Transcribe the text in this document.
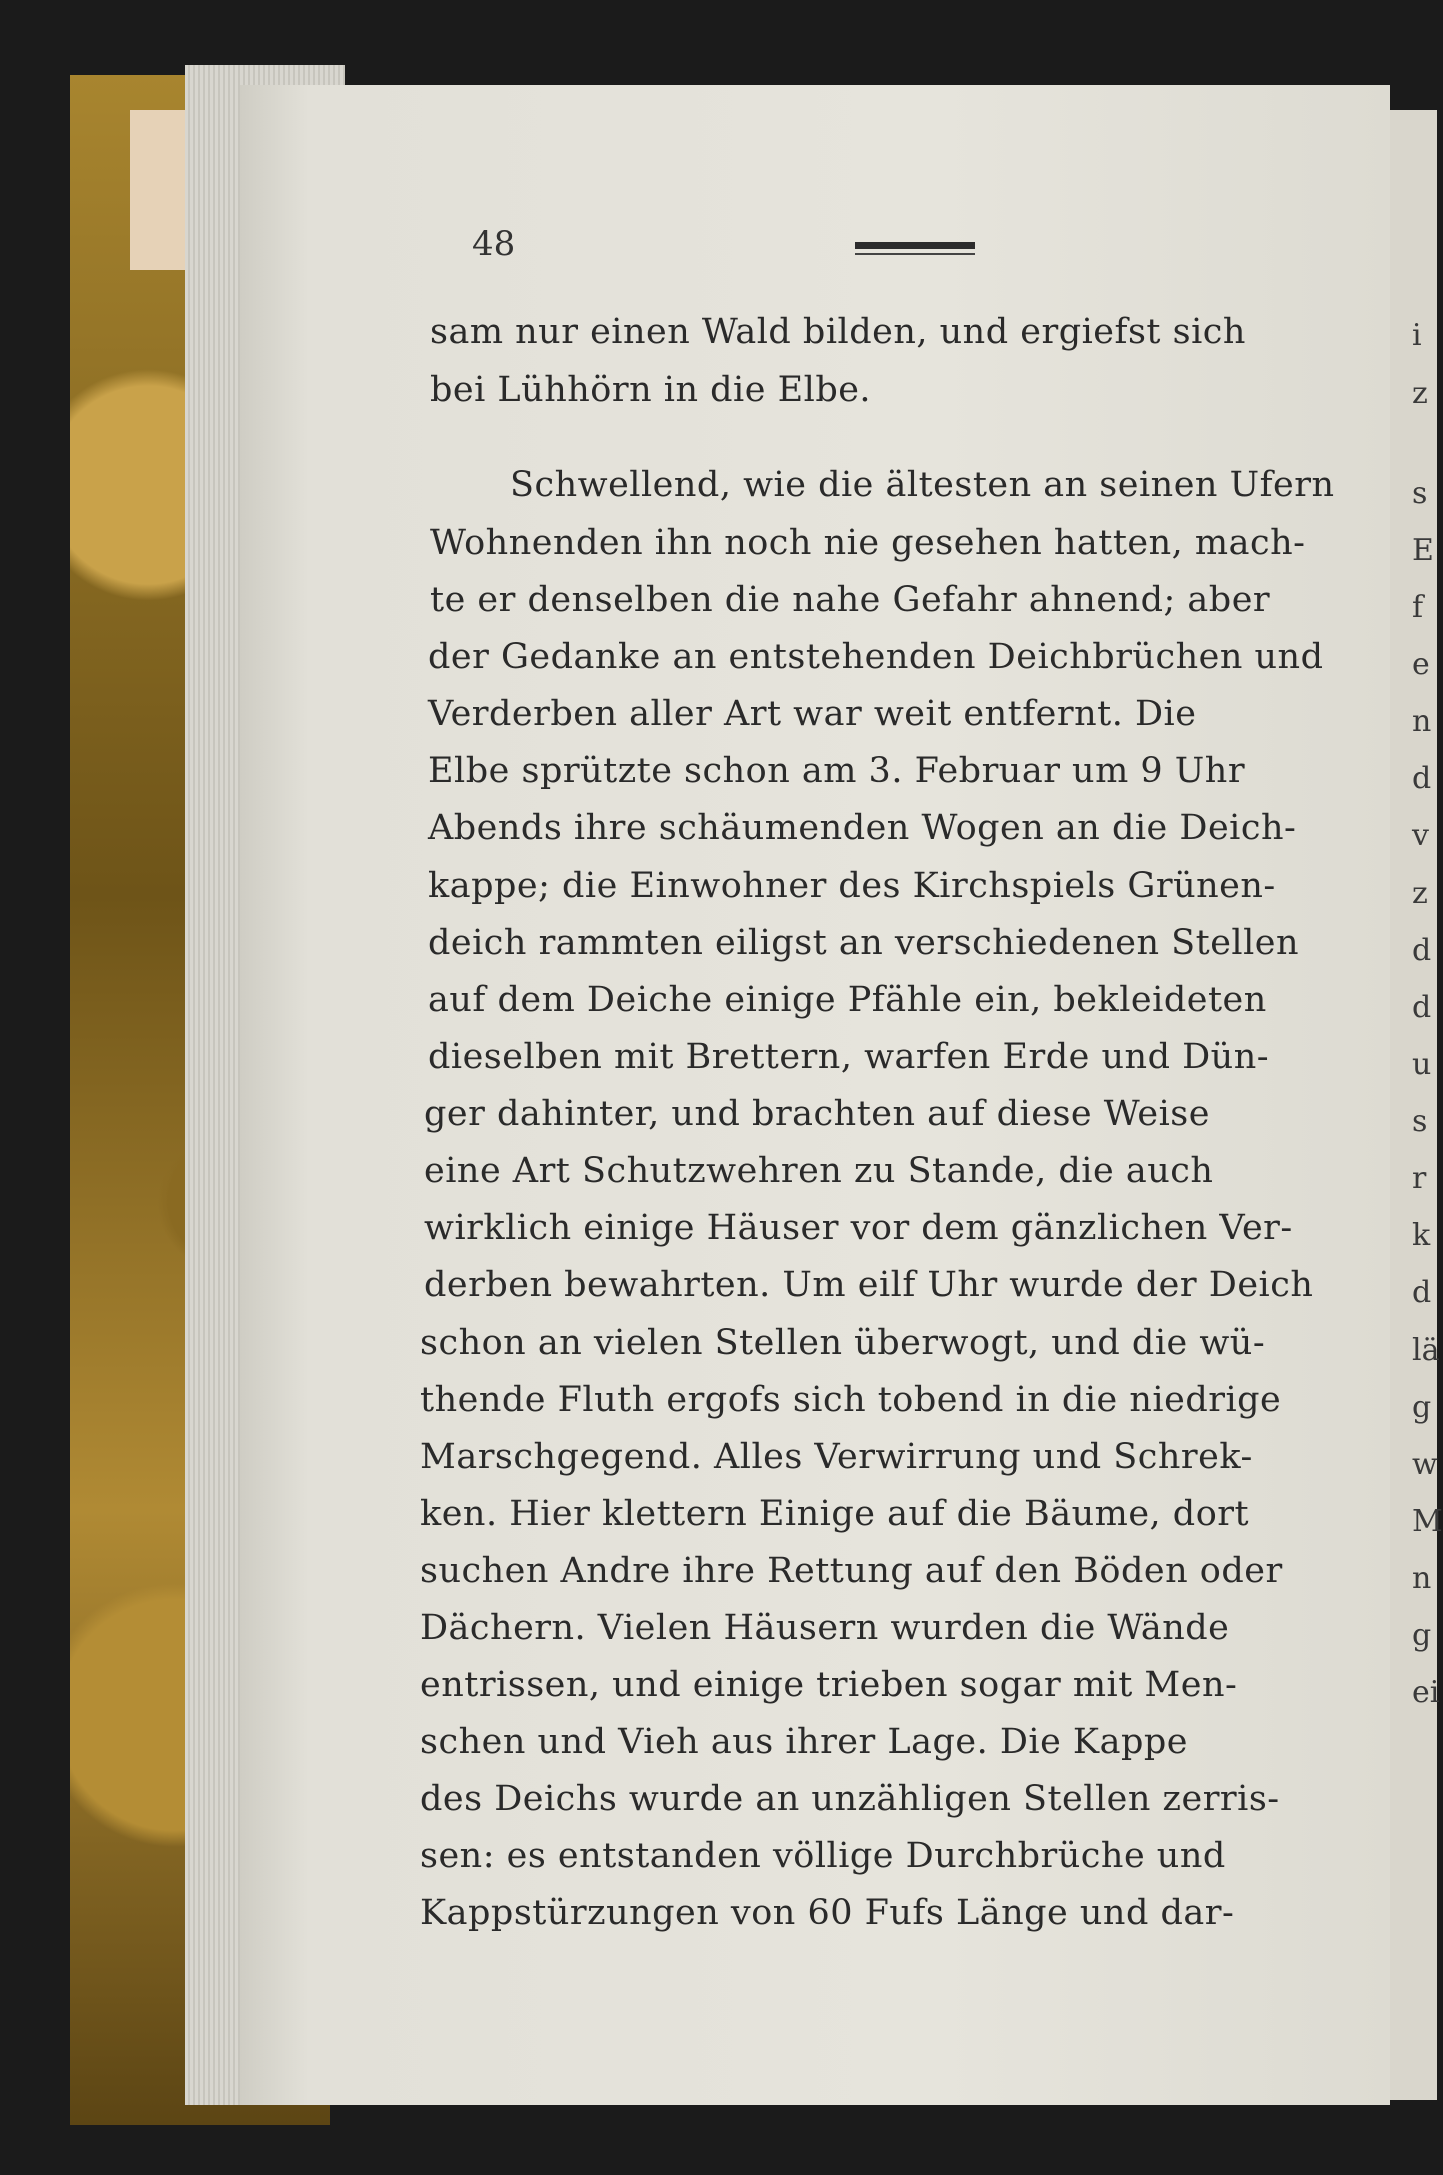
i
z
s
E
f
e
n
d
v
z
d
d
u
s
r
k
d
lä
g
w
M
n
g
ei
48
sam nur einen Wald bilden, und ergiefst sich
bei Lühhörn in die Elbe.
Schwellend, wie die ältesten an seinen Ufern
Wohnenden ihn noch nie gesehen hatten, mach-
te er denselben die nahe Gefahr ahnend; aber
der Gedanke an entstehenden Deichbrüchen und
Verderben aller Art war weit entfernt. Die
Elbe sprützte schon am 3. Februar um 9 Uhr
Abends ihre schäumenden Wogen an die Deich-
kappe; die Einwohner des Kirchspiels Grünen-
deich rammten eiligst an verschiedenen Stellen
auf dem Deiche einige Pfähle ein, bekleideten
dieselben mit Brettern, warfen Erde und Dün-
ger dahinter, und brachten auf diese Weise
eine Art Schutzwehren zu Stande, die auch
wirklich einige Häuser vor dem gänzlichen Ver-
derben bewahrten. Um eilf Uhr wurde der Deich
schon an vielen Stellen überwogt, und die wü-
thende Fluth ergofs sich tobend in die niedrige
Marschgegend. Alles Verwirrung und Schrek-
ken. Hier klettern Einige auf die Bäume, dort
suchen Andre ihre Rettung auf den Böden oder
Dächern. Vielen Häusern wurden die Wände
entrissen, und einige trieben sogar mit Men-
schen und Vieh aus ihrer Lage. Die Kappe
des Deichs wurde an unzähligen Stellen zerris-
sen: es entstanden völlige Durchbrüche und
Kappstürzungen von 60 Fufs Länge und dar-
